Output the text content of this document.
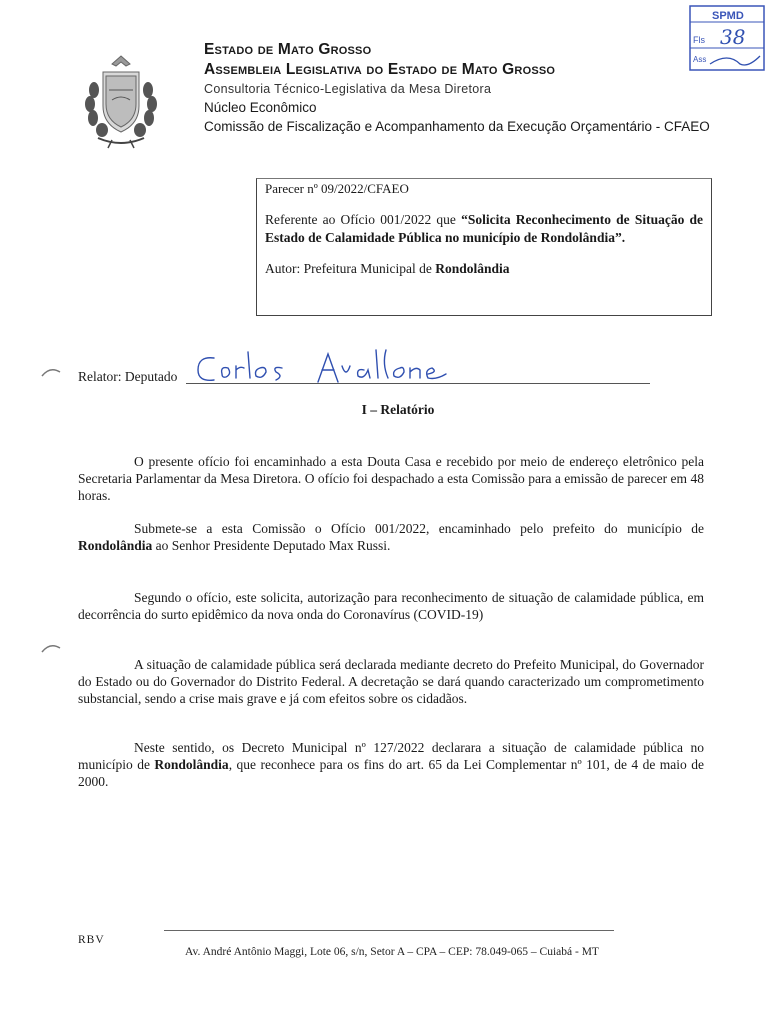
Estado de Mato Grosso
Assembleia Legislativa do Estado de Mato Grosso
Consultoria Técnico-Legislativa da Mesa Diretora
Núcleo Econômico
Comissão de Fiscalização e Acompanhamento da Execução Orçamentário - CFAEO
SPMD
Fls 38
Ass
Parecer nº 09/2022/CFAEO
Referente ao Ofício 001/2022 que “Solicita Reconhecimento de Situação de Estado de Calamidade Pública no município de Rondolândia”.
Autor: Prefeitura Municipal de Rondolândia
Relator: Deputado
I – Relatório
O presente ofício foi encaminhado a esta Douta Casa e recebido por meio de endereço eletrônico pela Secretaria Parlamentar da Mesa Diretora. O ofício foi despachado a esta Comissão para a emissão de parecer em 48 horas.
Submete-se a esta Comissão o Ofício 001/2022, encaminhado pelo prefeito do município de Rondolândia ao Senhor Presidente Deputado Max Russi.
Segundo o ofício, este solicita, autorização para reconhecimento de situação de calamidade pública, em decorrência do surto epidêmico da nova onda do Coronavírus (COVID-19)
A situação de calamidade pública será declarada mediante decreto do Prefeito Municipal, do Governador do Estado ou do Governador do Distrito Federal. A decretação se dará quando caracterizado um comprometimento substancial, sendo a crise mais grave e já com efeitos sobre os cidadãos.
Neste sentido, os Decreto Municipal nº 127/2022 declarara a situação de calamidade pública no município de Rondolândia, que reconhece para os fins do art. 65 da Lei Complementar nº 101, de 4 de maio de 2000.
RBV
Av. André Antônio Maggi, Lote 06, s/n, Setor A – CPA – CEP: 78.049-065 – Cuiabá - MT
